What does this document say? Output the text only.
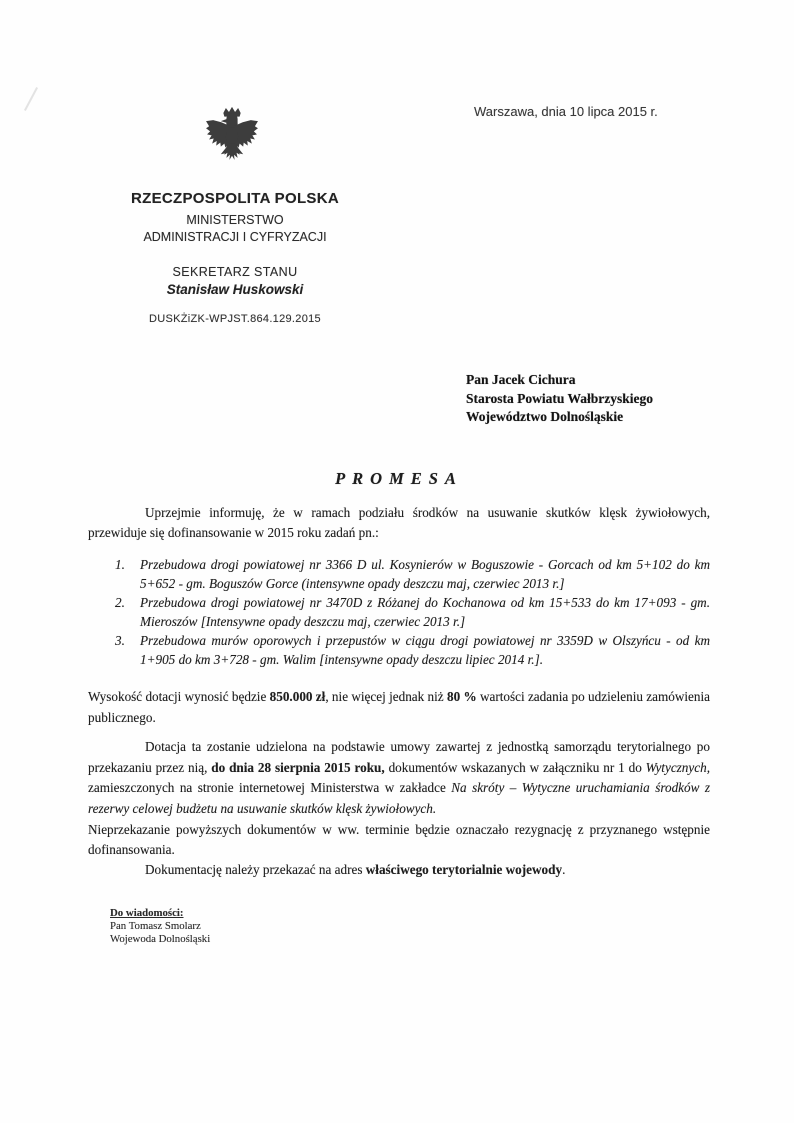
Warszawa, dnia 10 lipca 2015 r.
RZECZPOSPOLITA POLSKA
MINISTERSTWO
ADMINISTRACJI I CYFRYZACJI
SEKRETARZ STANU
Stanisław Huskowski
DUSKŻiZK-WPJST.864.129.2015
Pan Jacek Cichura
Starosta Powiatu Wałbrzyskiego
Województwo Dolnośląskie
PROMESA
Uprzejmie informuję, że w ramach podziału środków na usuwanie skutków klęsk żywiołowych, przewiduje się dofinansowanie w 2015 roku zadań pn.:
1.	Przebudowa drogi powiatowej nr 3366 D ul. Kosynierów w Boguszowie - Gorcach od km 5+102 do km 5+652 - gm. Boguszów Gorce (intensywne opady deszczu maj, czerwiec 2013 r.]
2.	Przebudowa drogi powiatowej nr 3470D z Różanej do Kochanowa od km 15+533 do km 17+093 - gm. Mieroszów [Intensywne opady deszczu maj, czerwiec 2013 r.]
3.	Przebudowa murów oporowych i przepustów w ciągu drogi powiatowej nr 3359D w Olszyńcu - od km 1+905 do km 3+728 - gm. Walim [intensywne opady deszczu lipiec 2014 r.].
Wysokość dotacji wynosić będzie 850.000 zł, nie więcej jednak niż 80 % wartości zadania po udzieleniu zamówienia publicznego.
Dotacja ta zostanie udzielona na podstawie umowy zawartej z jednostką samorządu terytorialnego po przekazaniu przez nią, do dnia 28 sierpnia 2015 roku, dokumentów wskazanych w załączniku nr 1 do Wytycznych, zamieszczonych na stronie internetowej Ministerstwa w zakładce Na skróty – Wytyczne uruchamiania środków z rezerwy celowej budżetu na usuwanie skutków klęsk żywiołowych.
Nieprzekazanie powyższych dokumentów w ww. terminie będzie oznaczało rezygnację z przyznanego wstępnie dofinansowania.
Dokumentację należy przekazać na adres właściwego terytorialnie wojewody.
Do wiadomości:
Pan Tomasz Smolarz
Wojewoda Dolnośląski
